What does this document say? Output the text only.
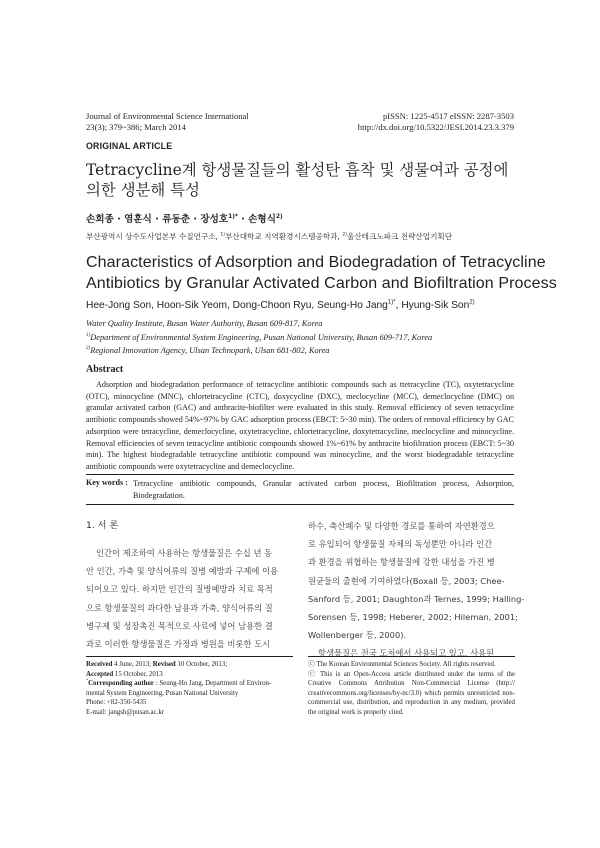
Journal of Environmental Science International
23(3); 379~386; March 2014
pISSN: 1225-4517 eISSN: 2287-3503
http://dx.doi.org/10.5322/JESI.2014.23.3.379
ORIGINAL ARTICLE
Tetracycline계 항생물질들의 활성탄 흡착 및 생물여과 공정에
의한 생분해 특성
손희종 · 염훈식 · 류동춘 · 장성호$^{1)*}$ · 손형식$^{2)}$
부산광역시 상수도사업본부 수질연구소, $^{1)}$부산대학교 지역환경시스템공학과, $^{2)}$울산테크노파크 전략산업기획단
Characteristics of Adsorption and Biodegradation of Tetracycline
Antibiotics by Granular Activated Carbon and Biofiltration Process
Hee-Jong Son, Hoon-Sik Yeom, Dong-Choon Ryu, Seung-Ho Jang$^{1)*}$, Hyung-Sik Son$^{2)}$
Water Quality Institute, Busan Water Authority, Busan 609-817, Korea
$^{1)}$Department of Environmental System Engineering, Pusan National University, Busan 609-717, Korea
$^{2)}$Regional Innovation Agency, Ulsan Technopark, Ulsan 681-802, Korea
Abstract
Adsorption and biodegradation performance of tetracycline antibiotic compounds such as ttetracycline (TC), oxytetracycline (OTC), minocycline (MNC), chlortetracycline (CTC), doxycycline (DXC), meclocycline (MCC), demeclocycline (DMC) on granular activated carbon (GAC) and anthracite-biofilter were evaluated in this study. Removal efficiency of seven tetracycline antibiotic compounds showed 54%~97% by GAC adsorption process (EBCT: 5~30 min). The orders of removal efficiency by GAC adsorption were tetracycline, demeclocycline, oxytetracycline, chlortetracycline, doxytetracycline, meclocycline and minocycline. Removal efficiencies of seven tetracycline antibiotic compounds showed 1%~61% by anthracite biofiltration process (EBCT: 5~30 min). The highest biodegradable tetracycline antibiotic compound was minocycline, and the worst biodegradable tetracycline antibiotic compounds were oxytetracycline and demeclocycline.
Key words : Tetracycline antibiotic compounds, Granular activated carbon process, Biofiltration process, Adsorption, Biodegradation.
1. 서 론
인간이 제조하여 사용하는 항생물질은 수십 년 동
안 인간, 가축 및 양식어류의 질병 예방과 구제에 이용
되어오고 있다. 하지만 인간의 질병예방과 치료 목적
으로 항생물질의 과다한 남용과 가축, 양식어류의 질
병구제 및 성장촉진 목적으로 사료에 넣어 남용한 결
과로 이러한 항생물질은 가정과 병원을 비롯한 도시
하수, 축산폐수 및 다양한 경로를 통하여 자연환경으
로 유입되어 항생물질 자체의 독성뿐만 아니라 인간
과 환경을 위협하는 항생물질에 강한 내성을 가진 병
원균들의 출현에 기여하였다(Boxall 등, 2003; Chee-
Sanford 등, 2001; Daughton과 Ternes, 1999; Halling-
Sorensen 등, 1998; Heberer, 2002; Hileman, 2001;
Wollenberger 등, 2000).
항생물질은 전국 도처에서 사용되고 있고, 사용된
Received 4 June, 2013; Revised 10 October, 2013;
Accepted 15 October, 2013
*Corresponding author : Seung-Ho Jang, Department of Environ-
mental System Engineering, Pusan National University
Phone: +82-350-5435
E-mail: jangsh@pusan.ac.kr
ⓒ The Korean Environmental Sciences Society. All rights reserved.
ⓒ This is an Open-Access article distributed under the terms of the Creative Commons Attribution Non-Commercial License (http:// creativecommons.org/licenses/by-nc/3.0) which permits unrestricted non-commercial use, distribution, and reproduction in any medium, provided the original work is properly cited.
